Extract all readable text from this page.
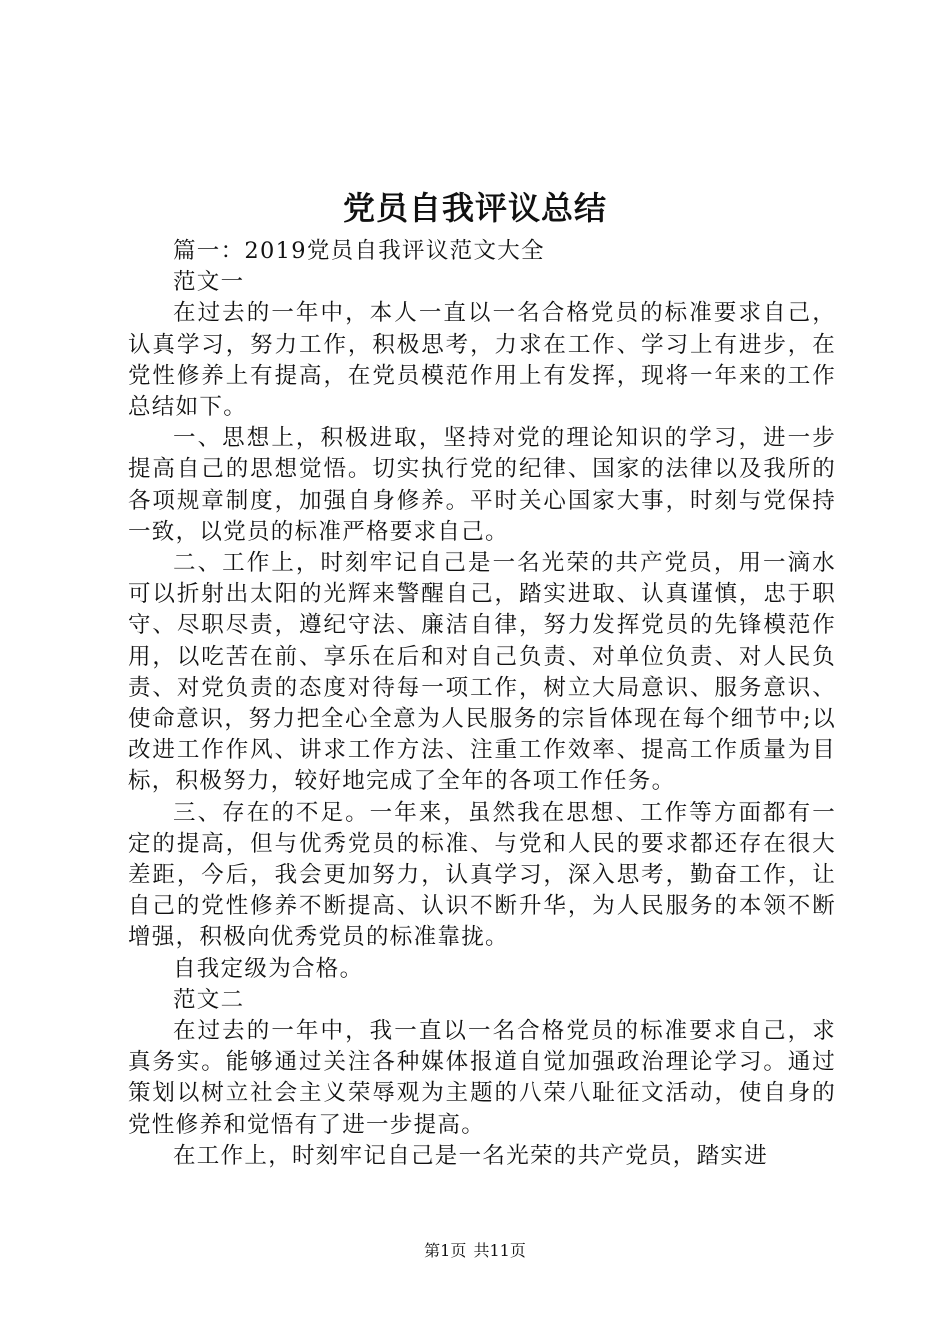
党员自我评议总结

篇一：2019党员自我评议范文大全

范文一

在过去的一年中，本人一直以一名合格党员的标准要求自己，认真学习，努力工作，积极思考，力求在工作、学习上有进步，在党性修养上有提高，在党员模范作用上有发挥，现将一年来的工作总结如下。

一、思想上，积极进取，坚持对党的理论知识的学习，进一步提高自己的思想觉悟。切实执行党的纪律、国家的法律以及我所的各项规章制度，加强自身修养。平时关心国家大事，时刻与党保持一致，以党员的标准严格要求自己。

二、工作上，时刻牢记自己是一名光荣的共产党员，用一滴水可以折射出太阳的光辉来警醒自己，踏实进取、认真谨慎，忠于职守、尽职尽责，遵纪守法、廉洁自律，努力发挥党员的先锋模范作用，以吃苦在前、享乐在后和对自己负责、对单位负责、对人民负责、对党负责的态度对待每一项工作，树立大局意识、服务意识、使命意识，努力把全心全意为人民服务的宗旨体现在每个细节中;以改进工作作风、讲求工作方法、注重工作效率、提高工作质量为目标，积极努力，较好地完成了全年的各项工作任务。

三、存在的不足。一年来，虽然我在思想、工作等方面都有一定的提高，但与优秀党员的标准、与党和人民的要求都还存在很大差距，今后，我会更加努力，认真学习，深入思考，勤奋工作，让自己的党性修养不断提高、认识不断升华，为人民服务的本领不断增强，积极向优秀党员的标准靠拢。

自我定级为合格。

范文二

在过去的一年中，我一直以一名合格党员的标准要求自己，求真务实。能够通过关注各种媒体报道自觉加强政治理论学习。通过策划以树立社会主义荣辱观为主题的八荣八耻征文活动，使自身的党性修养和觉悟有了进一步提高。

在工作上，时刻牢记自己是一名光荣的共产党员，踏实进

第1页 共11页
